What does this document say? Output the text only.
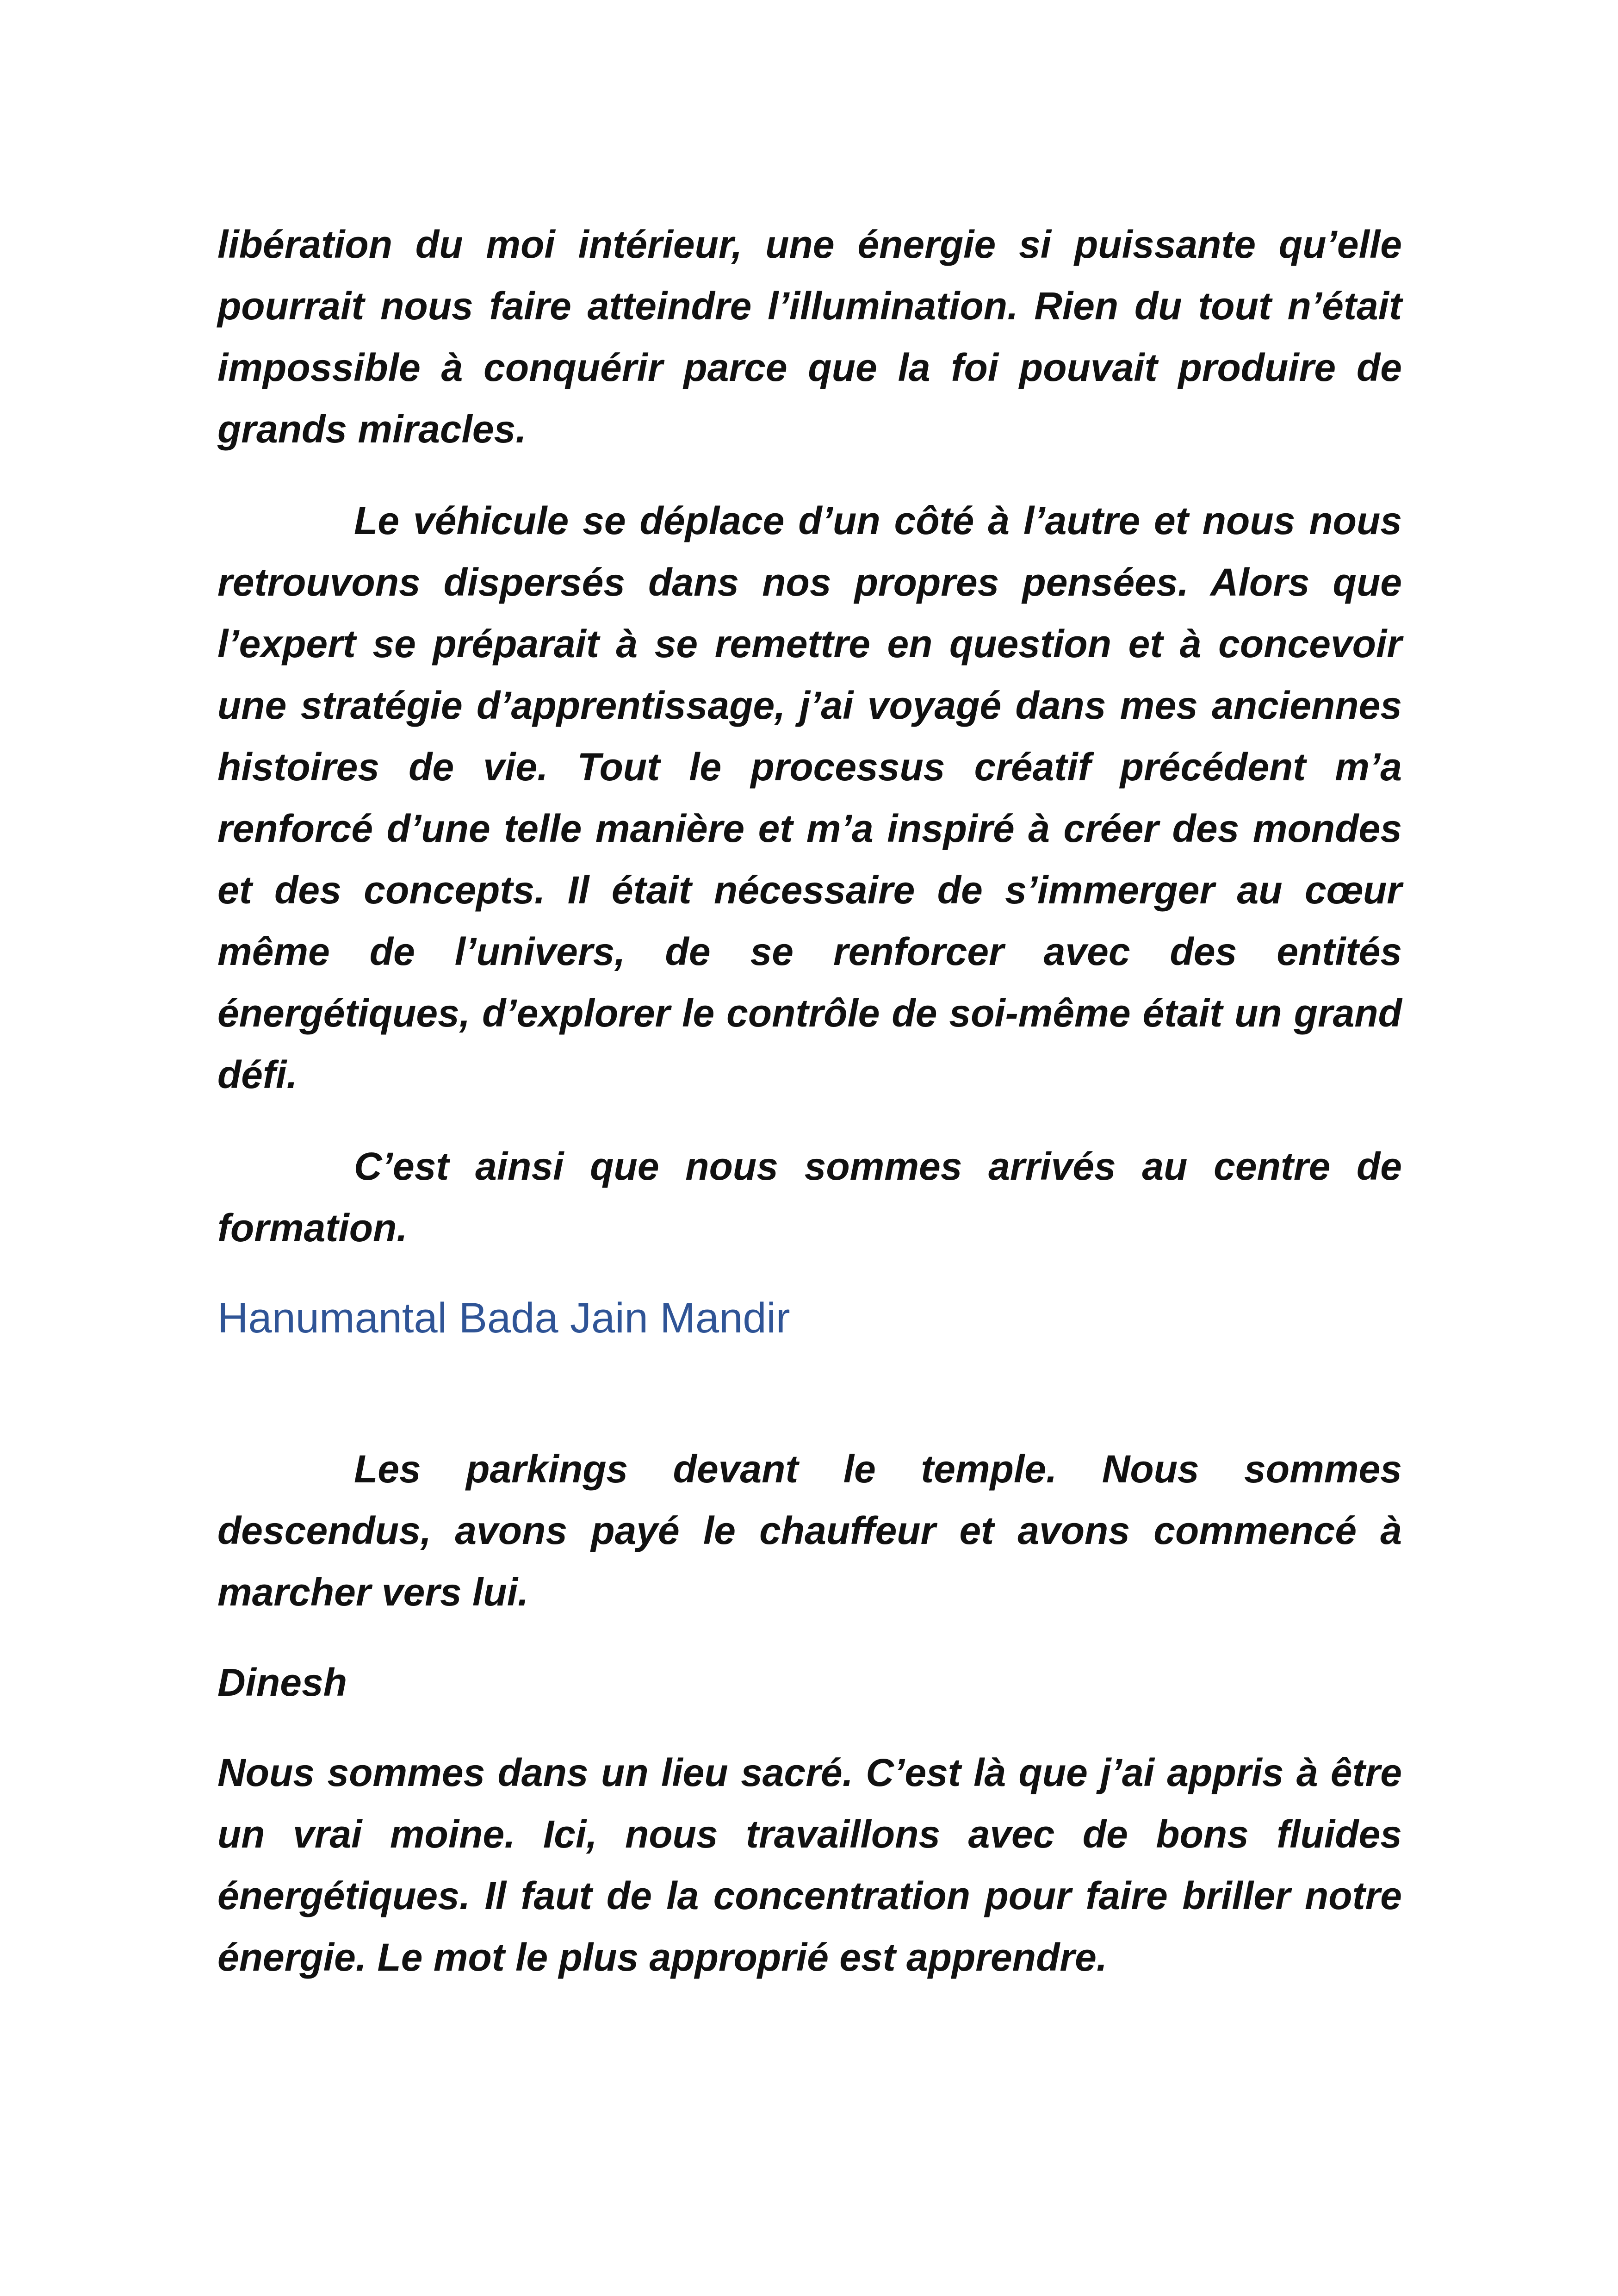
libération du moi intérieur, une énergie si puissante qu’elle pourrait nous faire atteindre l’illumination. Rien du tout n’était impossible à conquérir parce que la foi pouvait produire de grands miracles.

Le véhicule se déplace d’un côté à l’autre et nous nous retrouvons dispersés dans nos propres pensées. Alors que l’expert se préparait à se remettre en question et à concevoir une stratégie d’apprentissage, j’ai voyagé dans mes anciennes histoires de vie. Tout le processus créatif précédent m’a renforcé d’une telle manière et m’a inspiré à créer des mondes et des concepts. Il était nécessaire de s’immerger au cœur même de l’univers, de se renforcer avec des entités énergétiques, d’explorer le contrôle de soi-même était un grand défi.

C’est ainsi que nous sommes arrivés au centre de formation.

Hanumantal Bada Jain Mandir

Les parkings devant le temple. Nous sommes descendus, avons payé le chauffeur et avons commencé à marcher vers lui.

Dinesh

Nous sommes dans un lieu sacré. C’est là que j’ai appris à être un vrai moine. Ici, nous travaillons avec de bons fluides énergétiques. Il faut de la concentration pour faire briller notre énergie. Le mot le plus approprié est apprendre.
